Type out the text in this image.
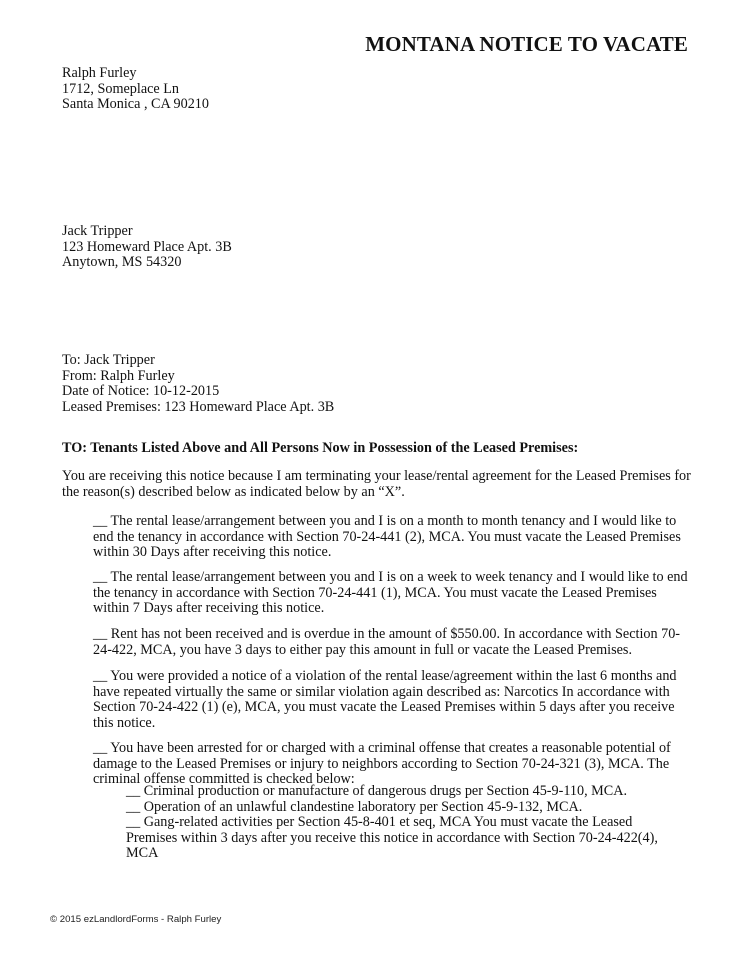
MONTANA NOTICE TO VACATE
Ralph Furley
1712, Someplace Ln
Santa Monica , CA 90210
Jack Tripper
123 Homeward Place Apt. 3B
Anytown, MS 54320
To: Jack Tripper
From: Ralph Furley
Date of Notice: 10-12-2015
Leased Premises: 123 Homeward Place Apt. 3B
TO: Tenants Listed Above and All Persons Now in Possession of the Leased Premises:
You are receiving this notice because I am terminating your lease/rental agreement for the Leased Premises for the reason(s) described below as indicated below by an “X”.
__ The rental lease/arrangement between you and I is on a month to month tenancy and I would like to end the tenancy in accordance with Section 70-24-441 (2), MCA. You must vacate the Leased Premises within 30 Days after receiving this notice.
__ The rental lease/arrangement between you and I is on a week to week tenancy and I would like to end the tenancy in accordance with Section 70-24-441 (1), MCA. You must vacate the Leased Premises within 7 Days after receiving this notice.
__ Rent has not been received and is overdue in the amount of $550.00. In accordance with Section 70-24-422, MCA, you have 3 days to either pay this amount in full or vacate the Leased Premises.
__ You were provided a notice of a violation of the rental lease/agreement within the last 6 months and have repeated virtually the same or similar violation again described as: Narcotics In accordance with Section 70-24-422 (1) (e), MCA, you must vacate the Leased Premises within 5 days after you receive this notice.
__ You have been arrested for or charged with a criminal offense that creates a reasonable potential of damage to the Leased Premises or injury to neighbors according to Section 70-24-321 (3), MCA. The criminal offense committed is checked below:
__ Criminal production or manufacture of dangerous drugs per Section 45-9-110, MCA.
__ Operation of an unlawful clandestine laboratory per Section 45-9-132, MCA.
__ Gang-related activities per Section 45-8-401 et seq, MCA You must vacate the Leased Premises within 3 days after you receive this notice in accordance with Section 70-24-422(4), MCA
© 2015 ezLandlordForms - Ralph Furley
